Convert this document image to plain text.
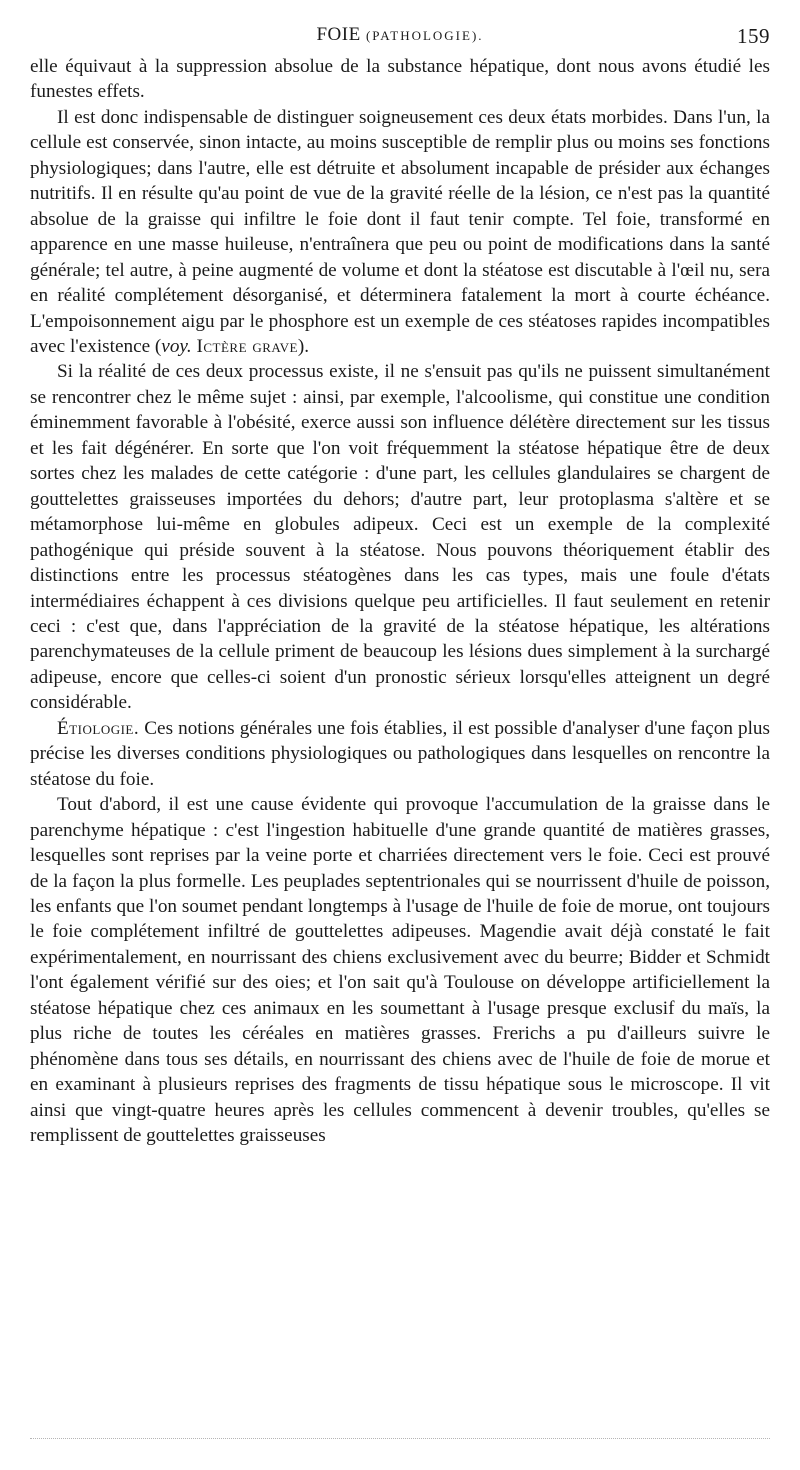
FOIE (PATHOLOGIE).	159

elle équivaut à la suppression absolue de la substance hépatique, dont nous avons étudié les funestes effets.

Il est donc indispensable de distinguer soigneusement ces deux états morbides. Dans l'un, la cellule est conservée, sinon intacte, au moins susceptible de remplir plus ou moins ses fonctions physiologiques; dans l'autre, elle est détruite et absolument incapable de présider aux échanges nutritifs. Il en résulte qu'au point de vue de la gravité réelle de la lésion, ce n'est pas la quantité absolue de la graisse qui infiltre le foie dont il faut tenir compte. Tel foie, transformé en apparence en une masse huileuse, n'entraînera que peu ou point de modifications dans la santé générale; tel autre, à peine augmenté de volume et dont la stéatose est discutable à l'œil nu, sera en réalité complétement désorganisé, et déterminera fatalement la mort à courte échéance. L'empoisonnement aigu par le phosphore est un exemple de ces stéatoses rapides incompatibles avec l'existence (voy. Ictère grave).

Si la réalité de ces deux processus existe, il ne s'ensuit pas qu'ils ne puissent simultanément se rencontrer chez le même sujet : ainsi, par exemple, l'alcoolisme, qui constitue une condition éminemment favorable à l'obésité, exerce aussi son influence délétère directement sur les tissus et les fait dégénérer. En sorte que l'on voit fréquemment la stéatose hépatique être de deux sortes chez les malades de cette catégorie : d'une part, les cellules glandulaires se chargent de gouttelettes graisseuses importées du dehors; d'autre part, leur protoplasma s'altère et se métamorphose lui-même en globules adipeux. Ceci est un exemple de la complexité pathogénique qui préside souvent à la stéatose. Nous pouvons théoriquement établir des distinctions entre les processus stéatogènes dans les cas types, mais une foule d'états intermédiaires échappent à ces divisions quelque peu artificielles. Il faut seulement en retenir ceci : c'est que, dans l'appréciation de la gravité de la stéatose hépatique, les altérations parenchymateuses de la cellule priment de beaucoup les lésions dues simplement à la surchargé adipeuse, encore que celles-ci soient d'un pronostic sérieux lorsqu'elles atteignent un degré considérable.

Étiologie. Ces notions générales une fois établies, il est possible d'analyser d'une façon plus précise les diverses conditions physiologiques ou pathologiques dans lesquelles on rencontre la stéatose du foie.

Tout d'abord, il est une cause évidente qui provoque l'accumulation de la graisse dans le parenchyme hépatique : c'est l'ingestion habituelle d'une grande quantité de matières grasses, lesquelles sont reprises par la veine porte et charriées directement vers le foie. Ceci est prouvé de la façon la plus formelle. Les peuplades septentrionales qui se nourrissent d'huile de poisson, les enfants que l'on soumet pendant longtemps à l'usage de l'huile de foie de morue, ont toujours le foie complétement infiltré de gouttelettes adipeuses. Magendie avait déjà constaté le fait expérimentalement, en nourrissant des chiens exclusivement avec du beurre; Bidder et Schmidt l'ont également vérifié sur des oies; et l'on sait qu'à Toulouse on développe artificiellement la stéatose hépatique chez ces animaux en les soumettant à l'usage presque exclusif du maïs, la plus riche de toutes les céréales en matières grasses. Frerichs a pu d'ailleurs suivre le phénomène dans tous ses détails, en nourrissant des chiens avec de l'huile de foie de morue et en examinant à plusieurs reprises des fragments de tissu hépatique sous le microscope. Il vit ainsi que vingt-quatre heures après les cellules commencent à devenir troubles, qu'elles se remplissent de gouttelettes graisseuses
